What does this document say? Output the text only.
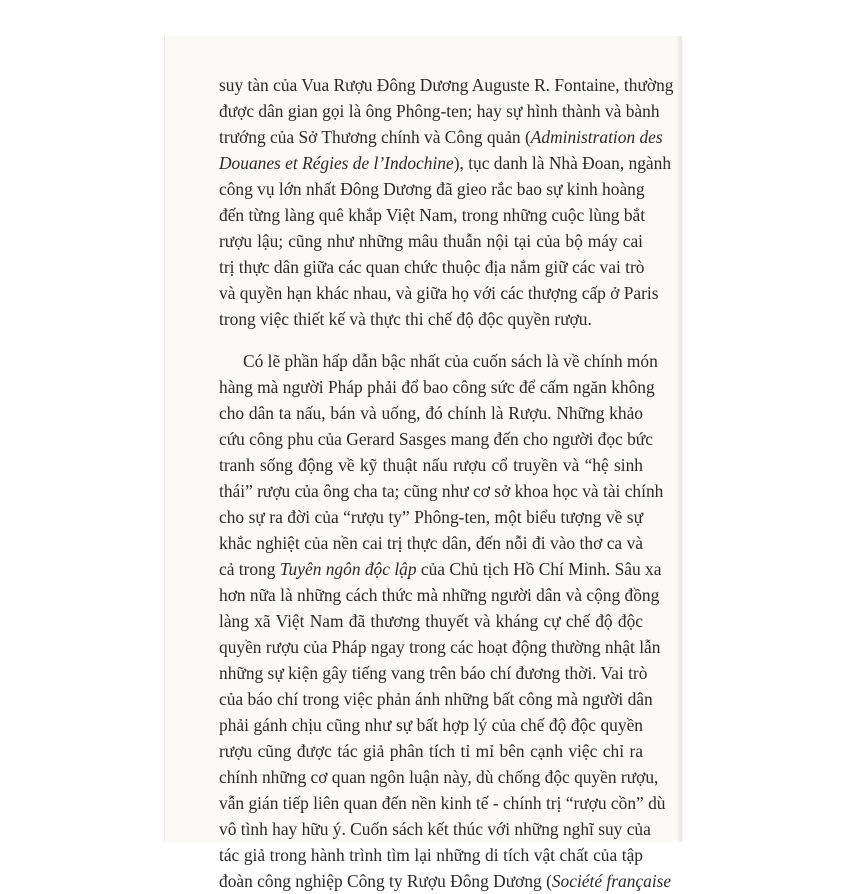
suy tàn của Vua Rượu Đông Dương Auguste R. Fontaine, thường
được dân gian gọi là ông Phông-ten; hay sự hình thành và bành
trướng của Sở Thương chính và Công quản (Administration des
Douanes et Régies de l’Indochine), tục danh là Nhà Đoan, ngành
công vụ lớn nhất Đông Dương đã gieo rắc bao sự kinh hoàng
đến từng làng quê khắp Việt Nam, trong những cuộc lùng bắt
rượu lậu; cũng như những mâu thuẫn nội tại của bộ máy cai
trị thực dân giữa các quan chức thuộc địa nắm giữ các vai trò
và quyền hạn khác nhau, và giữa họ với các thượng cấp ở Paris
trong việc thiết kế và thực thi chế độ độc quyền rượu.
Có lẽ phần hấp dẫn bậc nhất của cuốn sách là về chính món
hàng mà người Pháp phải đổ bao công sức để cấm ngăn không
cho dân ta nấu, bán và uống, đó chính là Rượu. Những khảo
cứu công phu của Gerard Sasges mang đến cho người đọc bức
tranh sống động về kỹ thuật nấu rượu cổ truyền và “hệ sinh
thái” rượu của ông cha ta; cũng như cơ sở khoa học và tài chính
cho sự ra đời của “rượu ty” Phông-ten, một biểu tượng về sự
khắc nghiệt của nền cai trị thực dân, đến nỗi đi vào thơ ca và
cả trong Tuyên ngôn độc lập của Chủ tịch Hồ Chí Minh. Sâu xa
hơn nữa là những cách thức mà những người dân và cộng đồng
làng xã Việt Nam đã thương thuyết và kháng cự chế độ độc
quyền rượu của Pháp ngay trong các hoạt động thường nhật lẫn
những sự kiện gây tiếng vang trên báo chí đương thời. Vai trò
của báo chí trong việc phản ánh những bất công mà người dân
phải gánh chịu cũng như sự bất hợp lý của chế độ độc quyền
rượu cũng được tác giả phân tích tỉ mỉ bên cạnh việc chỉ ra
chính những cơ quan ngôn luận này, dù chống độc quyền rượu,
vẫn gián tiếp liên quan đến nền kinh tế - chính trị “rượu cồn” dù
vô tình hay hữu ý. Cuốn sách kết thúc với những nghĩ suy của
tác giả trong hành trình tìm lại những di tích vật chất của tập
đoàn công nghiệp Công ty Rượu Đông Dương (Société française
